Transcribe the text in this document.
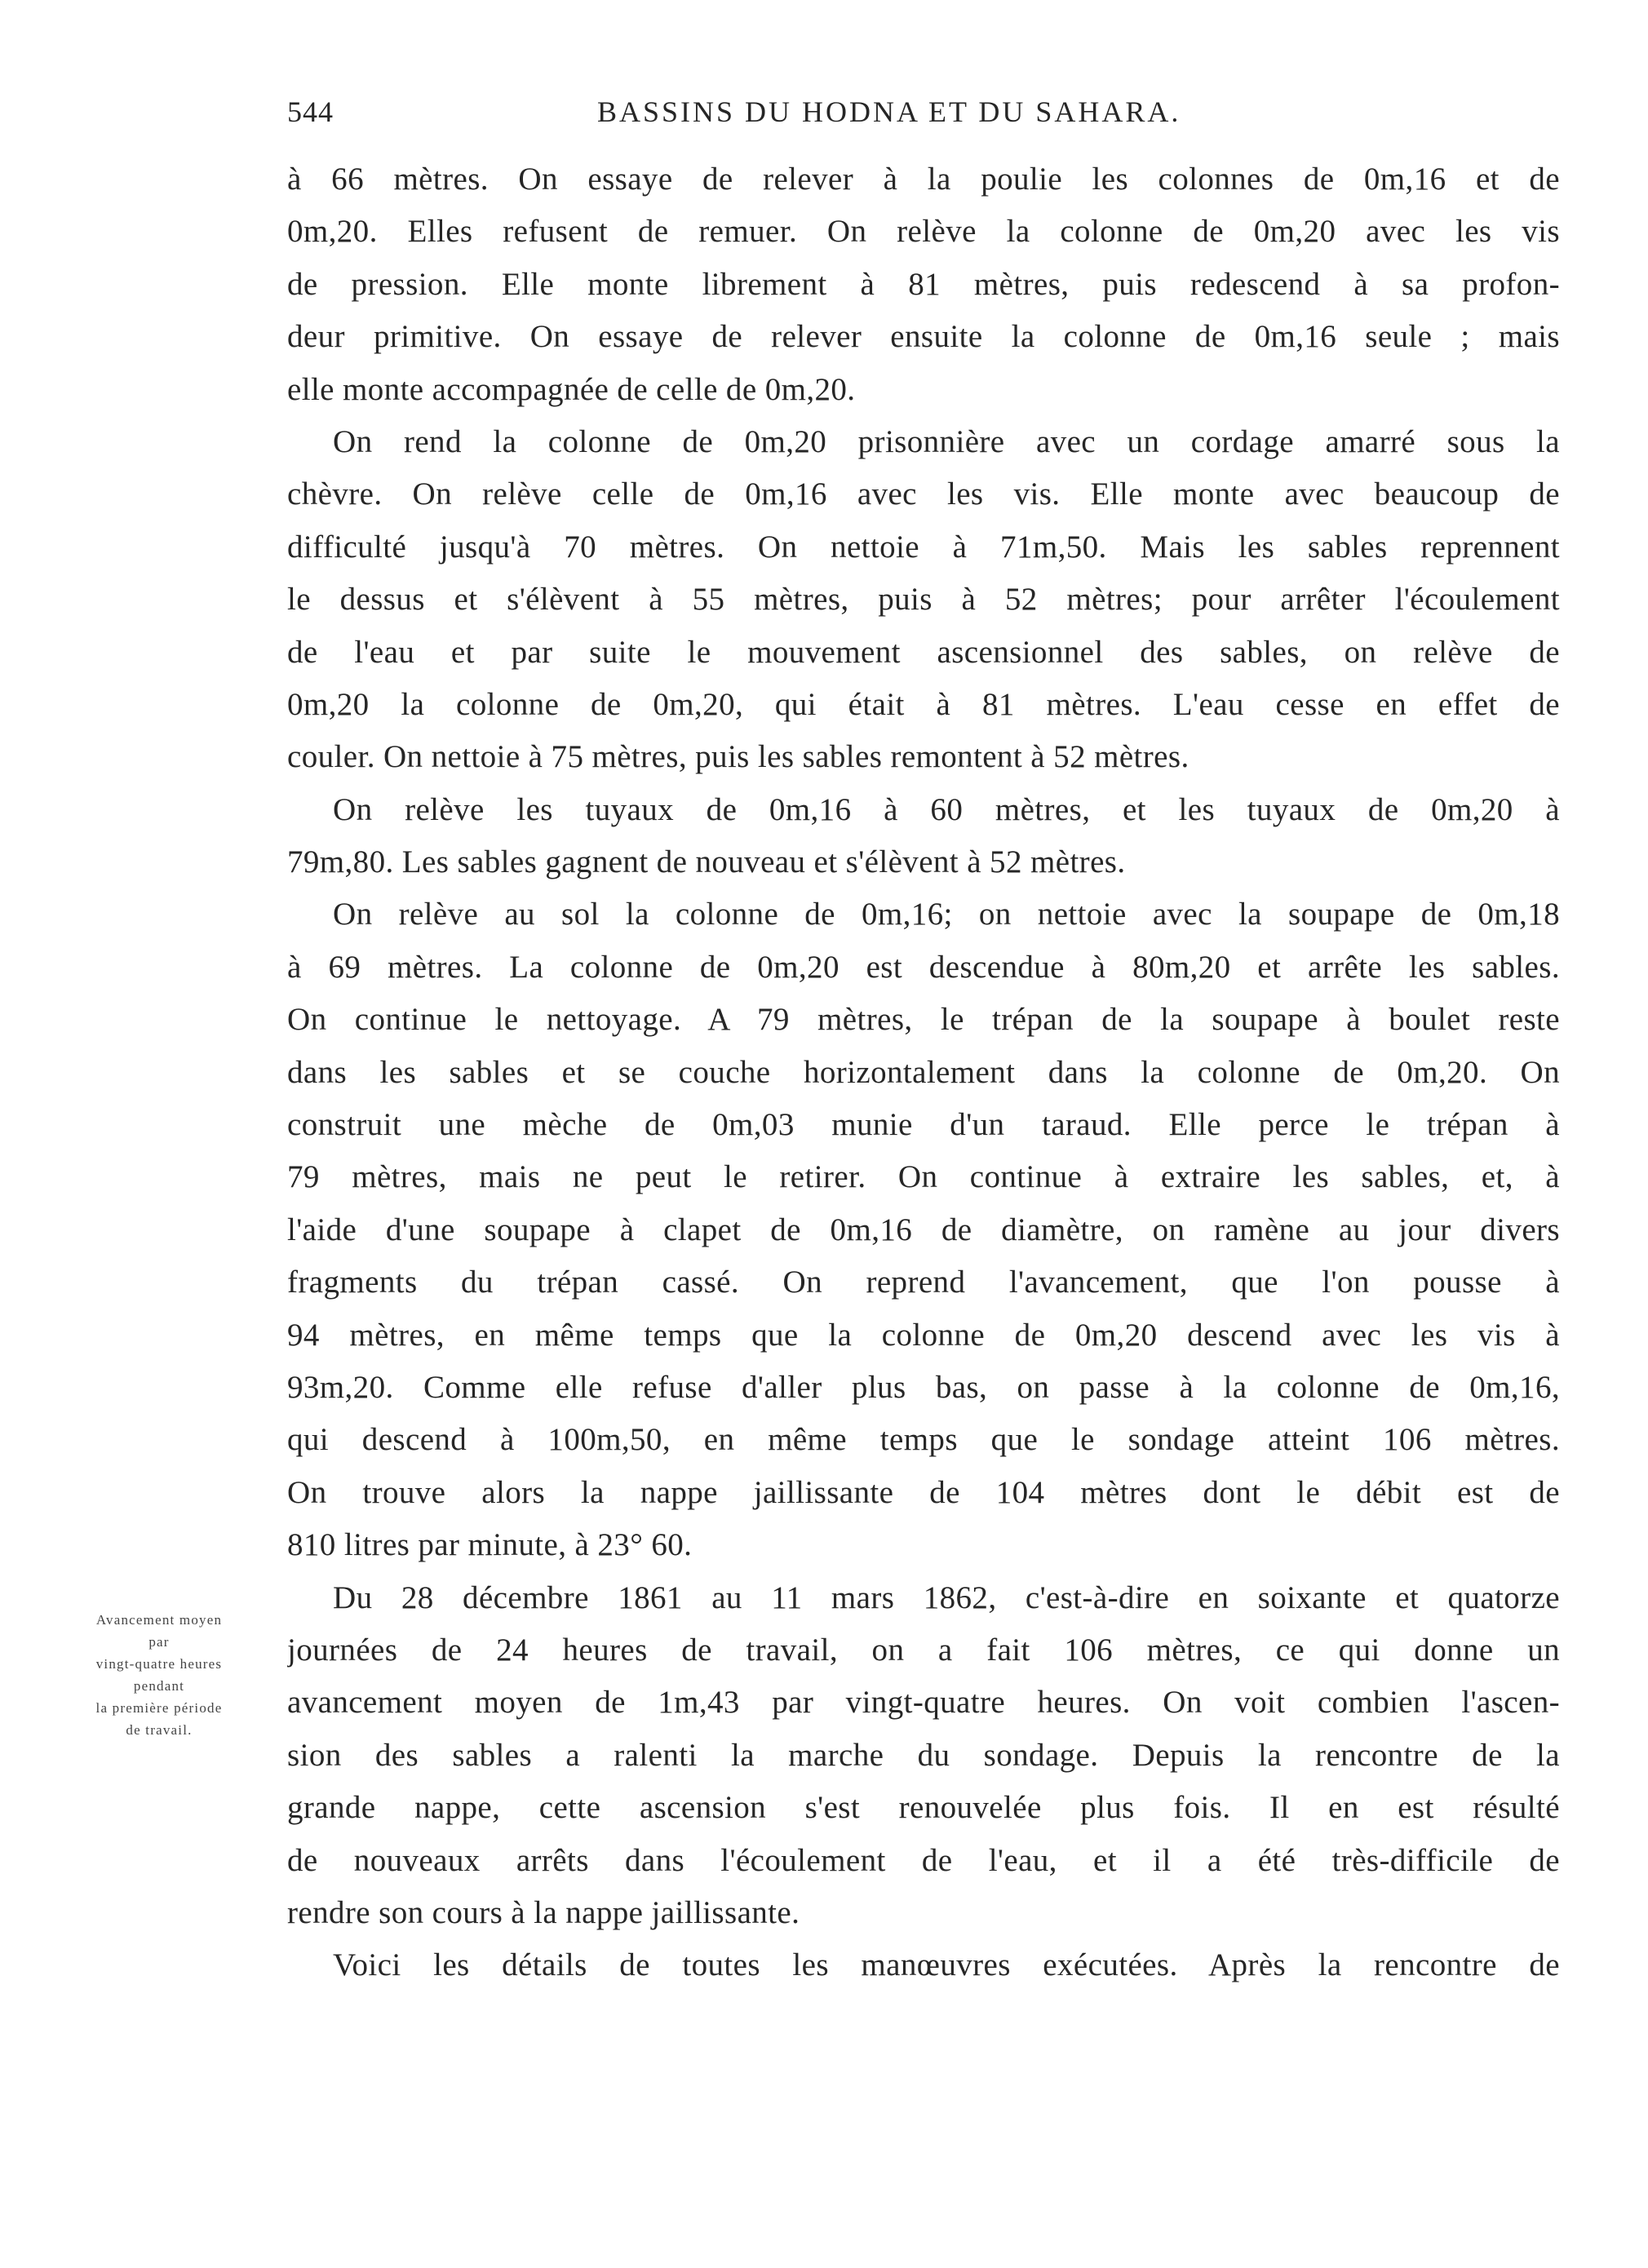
544	BASSINS DU HODNA ET DU SAHARA.
à 66 mètres. On essaye de relever à la poulie les colonnes de 0m,16 et de
0m,20. Elles refusent de remuer. On relève la colonne de 0m,20 avec les vis
de pression. Elle monte librement à 81 mètres, puis redescend à sa profon-
deur primitive. On essaye de relever ensuite la colonne de 0m,16 seule ; mais
elle monte accompagnée de celle de 0m,20.
On rend la colonne de 0m,20 prisonnière avec un cordage amarré sous la
chèvre. On relève celle de 0m,16 avec les vis. Elle monte avec beaucoup de
difficulté jusqu'à 70 mètres. On nettoie à 71m,50. Mais les sables reprennent
le dessus et s'élèvent à 55 mètres, puis à 52 mètres; pour arrêter l'écoulement
de l'eau et par suite le mouvement ascensionnel des sables, on relève de
0m,20 la colonne de 0m,20, qui était à 81 mètres. L'eau cesse en effet de
couler. On nettoie à 75 mètres, puis les sables remontent à 52 mètres.
On relève les tuyaux de 0m,16 à 60 mètres, et les tuyaux de 0m,20 à
79m,80. Les sables gagnent de nouveau et s'élèvent à 52 mètres.
On relève au sol la colonne de 0m,16; on nettoie avec la soupape de 0m,18
à 69 mètres. La colonne de 0m,20 est descendue à 80m,20 et arrête les sables.
On continue le nettoyage. A 79 mètres, le trépan de la soupape à boulet reste
dans les sables et se couche horizontalement dans la colonne de 0m,20. On
construit une mèche de 0m,03 munie d'un taraud. Elle perce le trépan à
79 mètres, mais ne peut le retirer. On continue à extraire les sables, et, à
l'aide d'une soupape à clapet de 0m,16 de diamètre, on ramène au jour divers
fragments du trépan cassé. On reprend l'avancement, que l'on pousse à
94 mètres, en même temps que la colonne de 0m,20 descend avec les vis à
93m,20. Comme elle refuse d'aller plus bas, on passe à la colonne de 0m,16,
qui descend à 100m,50, en même temps que le sondage atteint 106 mètres.
On trouve alors la nappe jaillissante de 104 mètres dont le débit est de
810 litres par minute, à 23° 60.
Du 28 décembre 1861 au 11 mars 1862, c'est-à-dire en soixante et quatorze
journées de 24 heures de travail, on a fait 106 mètres, ce qui donne un
avancement moyen de 1m,43 par vingt-quatre heures. On voit combien l'ascen-
sion des sables a ralenti la marche du sondage. Depuis la rencontre de la
grande nappe, cette ascension s'est renouvelée plus fois. Il en est résulté
de nouveaux arrêts dans l'écoulement de l'eau, et il a été très-difficile de
rendre son cours à la nappe jaillissante.
Voici les détails de toutes les manœuvres exécutées. Après la rencontre de
Avancement moyen
par
vingt-quatre heures
pendant
la première période
de travail.
